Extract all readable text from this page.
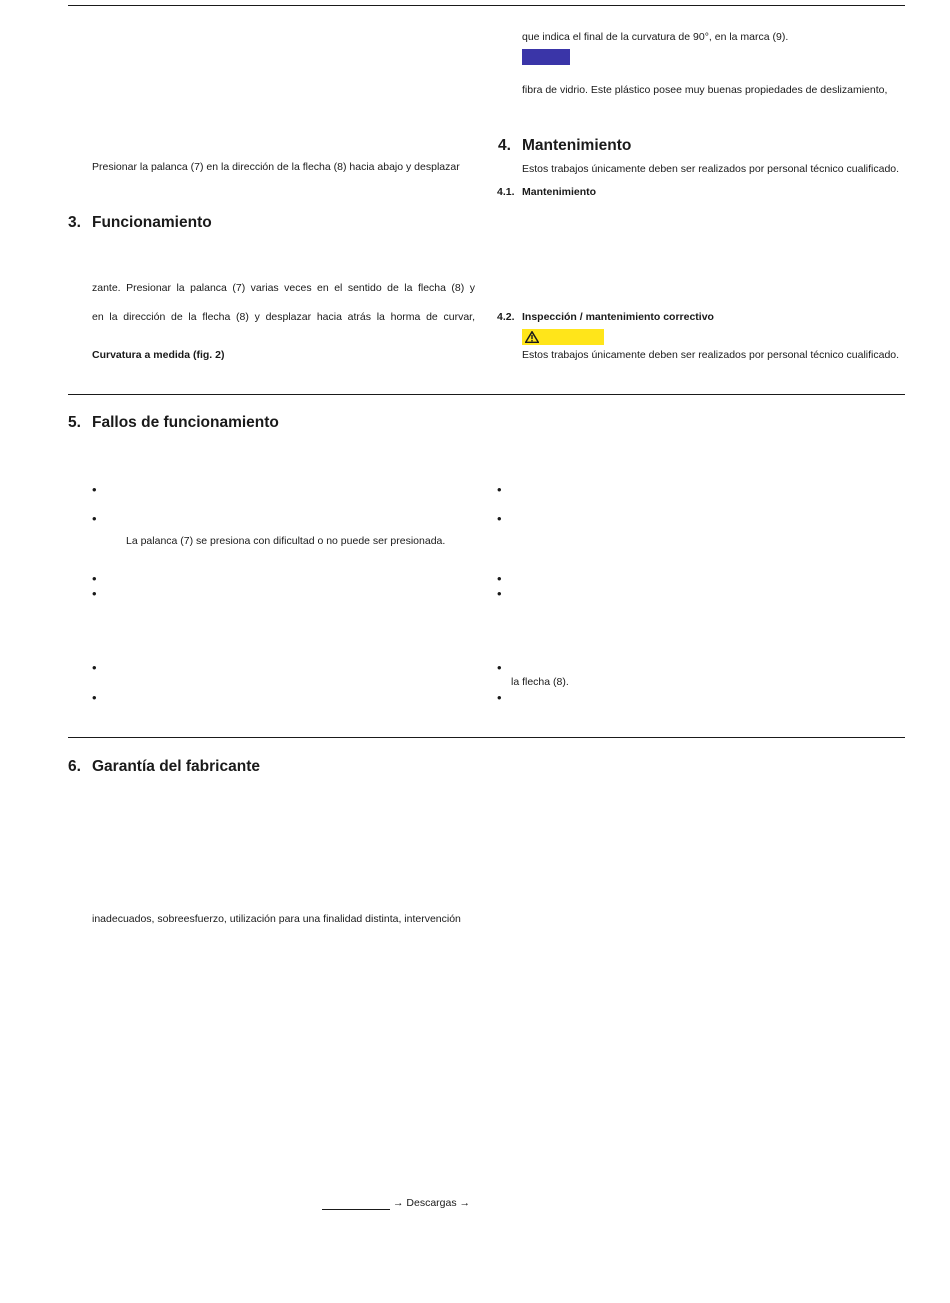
que indica el final de la curvatura de 90°, en la marca (9).
fibra de vidrio. Este plástico posee muy buenas propiedades de deslizamiento,
Presionar la palanca (7) en la dirección de la flecha (8) hacia abajo y desplazar
4. Mantenimiento
Estos trabajos únicamente deben ser realizados por personal técnico cualificado.
4.1. Mantenimiento
3. Funcionamiento
zante. Presionar la palanca (7) varias veces en el sentido de la flecha (8) y
en la dirección de la flecha (8) y desplazar hacia atrás la horma de curvar,
Curvatura a medida (fig. 2)
4.2. Inspección / mantenimiento correctivo
Estos trabajos únicamente deben ser realizados por personal técnico cualificado.
5. Fallos de funcionamiento
•
•
La palanca (7) se presiona con dificultad o no puede ser presionada.
•
•
•
•
•
•
•
•
•
la flecha (8).
•
6. Garantía del fabricante
inadecuados, sobreesfuerzo, utilización para una finalidad distinta, intervención
→ Descargas →
